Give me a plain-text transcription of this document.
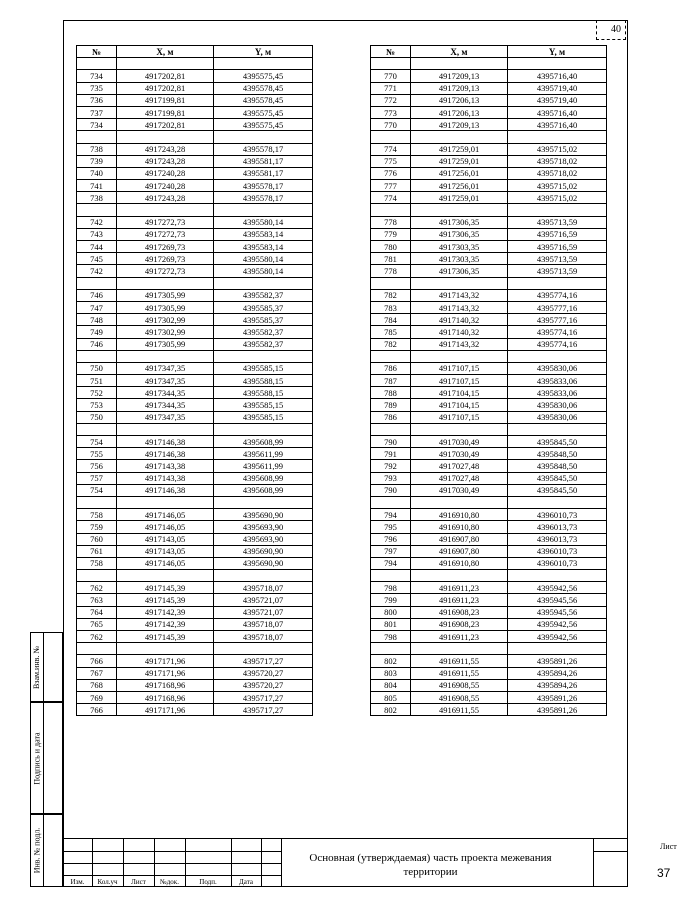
40
№	X, м	Y, м

734	4917202,81	4395575,45
735	4917202,81	4395578,45
736	4917199,81	4395578,45
737	4917199,81	4395575,45
734	4917202,81	4395575,45

738	4917243,28	4395578,17
739	4917243,28	4395581,17
740	4917240,28	4395581,17
741	4917240,28	4395578,17
738	4917243,28	4395578,17

742	4917272,73	4395580,14
743	4917272,73	4395583,14
744	4917269,73	4395583,14
745	4917269,73	4395580,14
742	4917272,73	4395580,14

746	4917305,99	4395582,37
747	4917305,99	4395585,37
748	4917302,99	4395585,37
749	4917302,99	4395582,37
746	4917305,99	4395582,37

750	4917347,35	4395585,15
751	4917347,35	4395588,15
752	4917344,35	4395588,15
753	4917344,35	4395585,15
750	4917347,35	4395585,15

754	4917146,38	4395608,99
755	4917146,38	4395611,99
756	4917143,38	4395611,99
757	4917143,38	4395608,99
754	4917146,38	4395608,99

758	4917146,05	4395690,90
759	4917146,05	4395693,90
760	4917143,05	4395693,90
761	4917143,05	4395690,90
758	4917146,05	4395690,90

762	4917145,39	4395718,07
763	4917145,39	4395721,07
764	4917142,39	4395721,07
765	4917142,39	4395718,07
762	4917145,39	4395718,07

766	4917171,96	4395717,27
767	4917171,96	4395720,27
768	4917168,96	4395720,27
769	4917168,96	4395717,27
766	4917171,96	4395717,27
№	X, м	Y, м

770	4917209,13	4395716,40
771	4917209,13	4395719,40
772	4917206,13	4395719,40
773	4917206,13	4395716,40
770	4917209,13	4395716,40

774	4917259,01	4395715,02
775	4917259,01	4395718,02
776	4917256,01	4395718,02
777	4917256,01	4395715,02
774	4917259,01	4395715,02

778	4917306,35	4395713,59
779	4917306,35	4395716,59
780	4917303,35	4395716,59
781	4917303,35	4395713,59
778	4917306,35	4395713,59

782	4917143,32	4395774,16
783	4917143,32	4395777,16
784	4917140,32	4395777,16
785	4917140,32	4395774,16
782	4917143,32	4395774,16

786	4917107,15	4395830,06
787	4917107,15	4395833,06
788	4917104,15	4395833,06
789	4917104,15	4395830,06
786	4917107,15	4395830,06

790	4917030,49	4395845,50
791	4917030,49	4395848,50
792	4917027,48	4395848,50
793	4917027,48	4395845,50
790	4917030,49	4395845,50

794	4916910,80	4396010,73
795	4916910,80	4396013,73
796	4916907,80	4396013,73
797	4916907,80	4396010,73
794	4916910,80	4396010,73

798	4916911,23	4395942,56
799	4916911,23	4395945,56
800	4916908,23	4395945,56
801	4916908,23	4395942,56
798	4916911,23	4395942,56

802	4916911,55	4395891,26
803	4916911,55	4395894,26
804	4916908,55	4395894,26
805	4916908,55	4395891,26
802	4916911,55	4395891,26
Взам.инв. №
Подпись и дата
Инв. № подл.
Изм.	Кол.уч	Лист	№док.	Подп.	Дата
Основная (утверждаемая) часть проекта межевания территории
Лист
37
